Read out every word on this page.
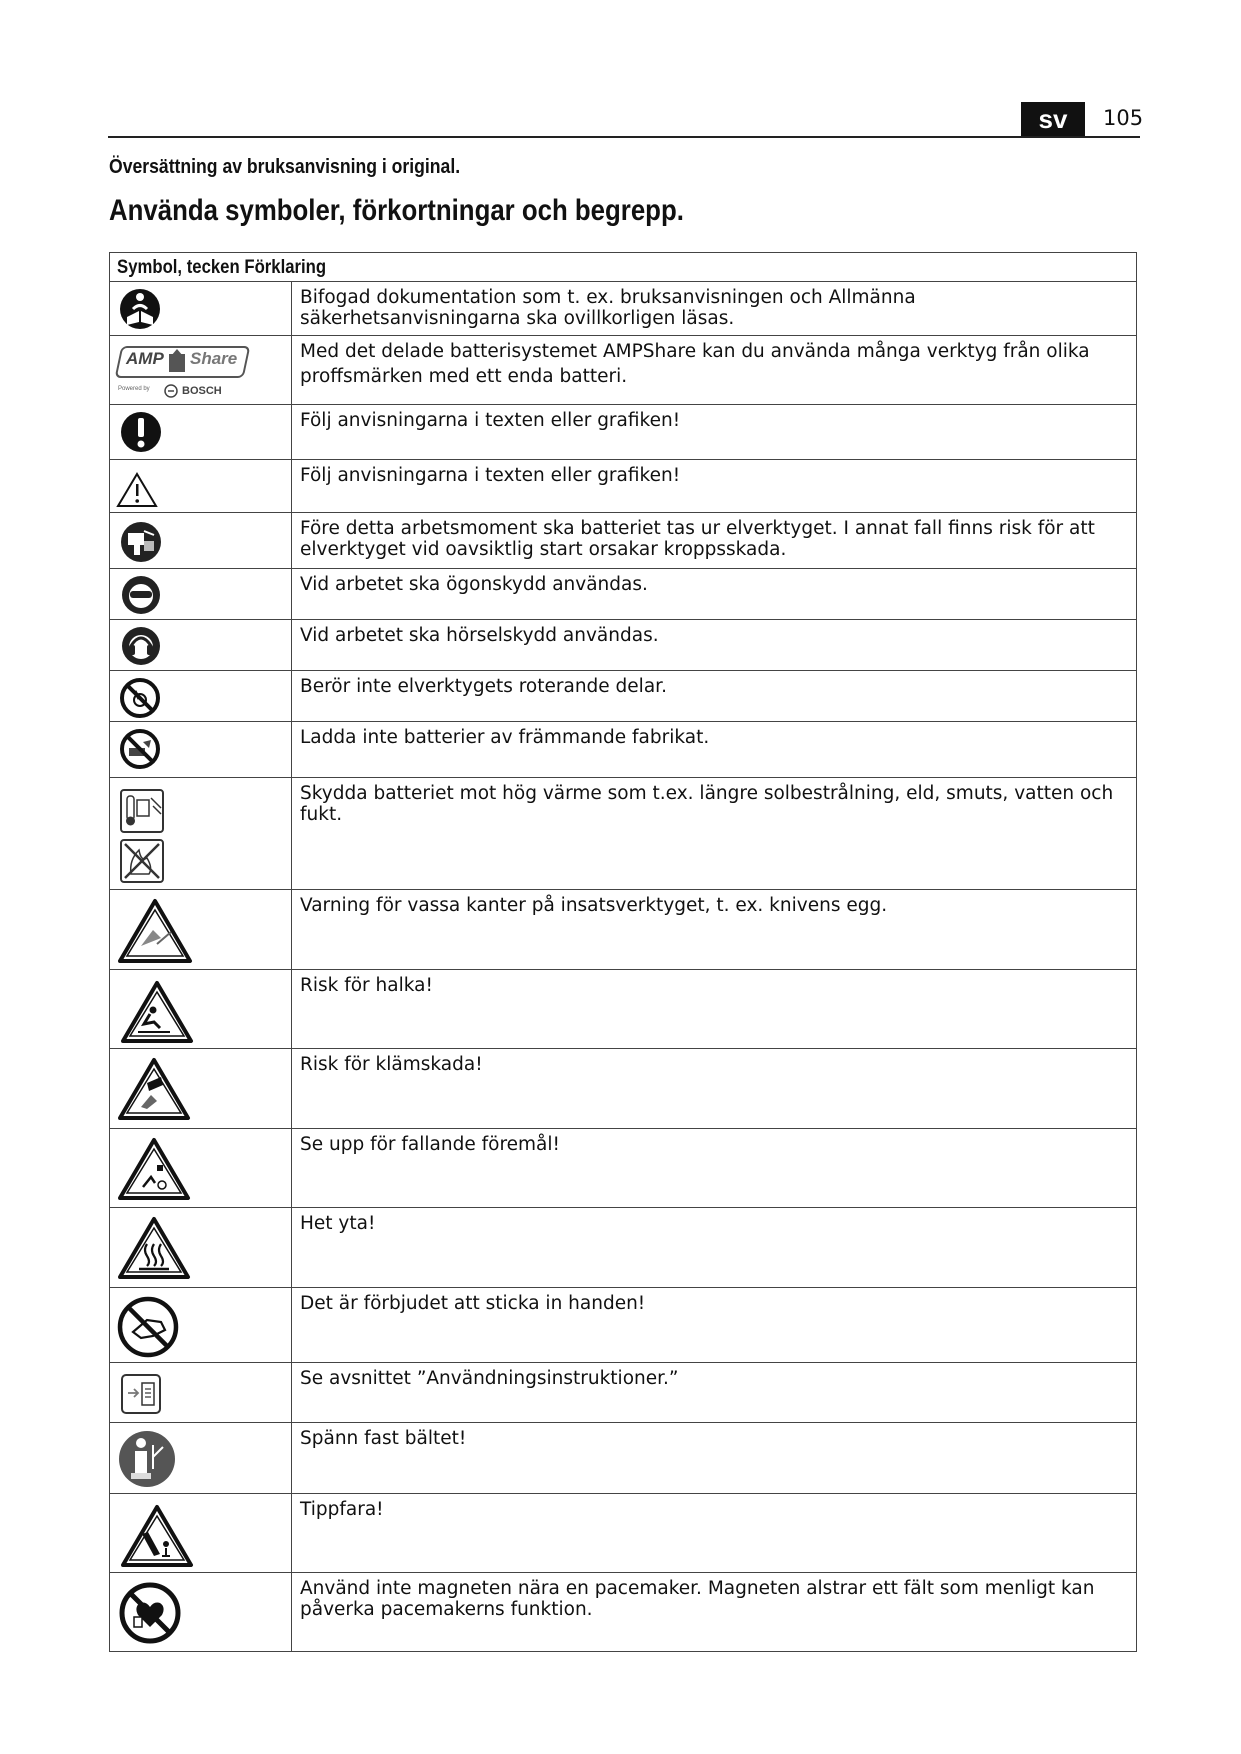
sv	105
Översättning av bruksanvisning i original.
Använda symboler, förkortningar och begrepp.
Symbol, tecken Förklaring	

Bifogad dokumentation som t. ex. bruksanvisningen och Allmänna säkerhetsanvisningarna ska ovillkorligen läsas.

AMP Share
Powered by BOSCH	Med det delade batterisystemet AMPShare kan du använda många verktyg från olika proffsmärken med ett enda batteri.

Följ anvisningarna i texten eller grafiken!

Följ anvisningarna i texten eller grafiken!

Före detta arbetsmoment ska batteriet tas ur elverktyget. I annat fall finns risk för att elverktyget vid oavsiktlig start orsakar kroppsskada.

Vid arbetet ska ögonskydd användas.

Vid arbetet ska hörselskydd användas.

Berör inte elverktygets roterande delar.

Ladda inte batterier av främmande fabrikat.

Skydda batteriet mot hög värme som t.ex. längre solbestrålning, eld, smuts, vatten och fukt.

Varning för vassa kanter på insatsverktyget, t. ex. knivens egg.

Risk för halka!

Risk för klämskada!

Se upp för fallande föremål!

Het yta!

Det är förbjudet att sticka in handen!

Se avsnittet ”Användningsinstruktioner.”

Spänn fast bältet!

Tippfara!

Använd inte magneten nära en pacemaker. Magneten alstrar ett fält som menligt kan påverka pacemakerns funktion.
